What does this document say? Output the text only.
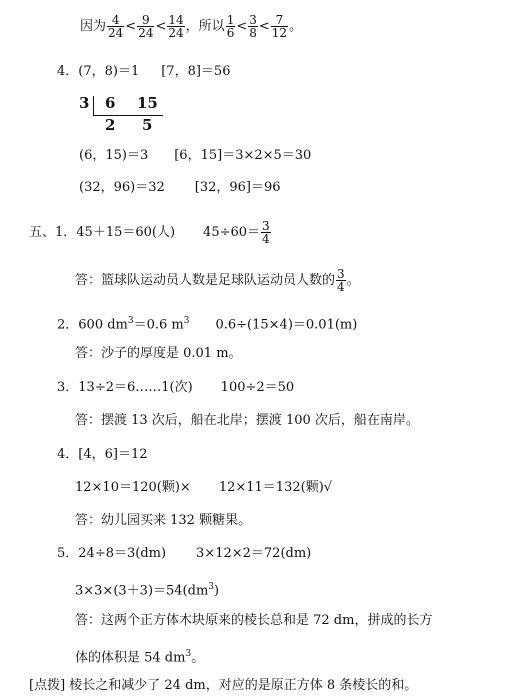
因为 $\frac{4}{24} < \frac{9}{24} < \frac{14}{24}$ ，所以 $\frac{1}{6} < \frac{3}{8} < \frac{7}{12}$ 。
4．(7，8)＝1 [7，8]＝56
3 6 15
2 5
(6，15)＝3 [6，15]＝3×2×5＝30
(32，96)＝32 [32，96]＝96
五、1．45＋15＝60(人) $45\div 60= \frac{3}{4}$
答：篮球队运动员人数是足球队运动员人数的 $\frac{3}{4}$ 。
2．600 $dm^3=0.6$ $m^3$ 0.6÷(15×4)＝0.01(m)
答：沙子的厚度是 0.01 m。
3．13÷2＝6……1(次) 100÷2＝50
答：摆渡 13 次后，船在北岸；摆渡 100 次后，船在南岸。
4．[4，6]＝12
12×10＝120(颗)× 12×11＝132(颗)√
答：幼儿园买来 132 颗糖果。
5．24÷8＝3(dm) 3×12×2＝72(dm)
$3\times 3\times(3+3)=54(dm^3)$
答：这两个正方体木块原来的棱长总和是 72 dm，拼成的长方
体的体积是 54 $dm^3$。
[点拨] 棱长之和减少了 24 dm，对应的是原正方体 8 条棱长的和。
